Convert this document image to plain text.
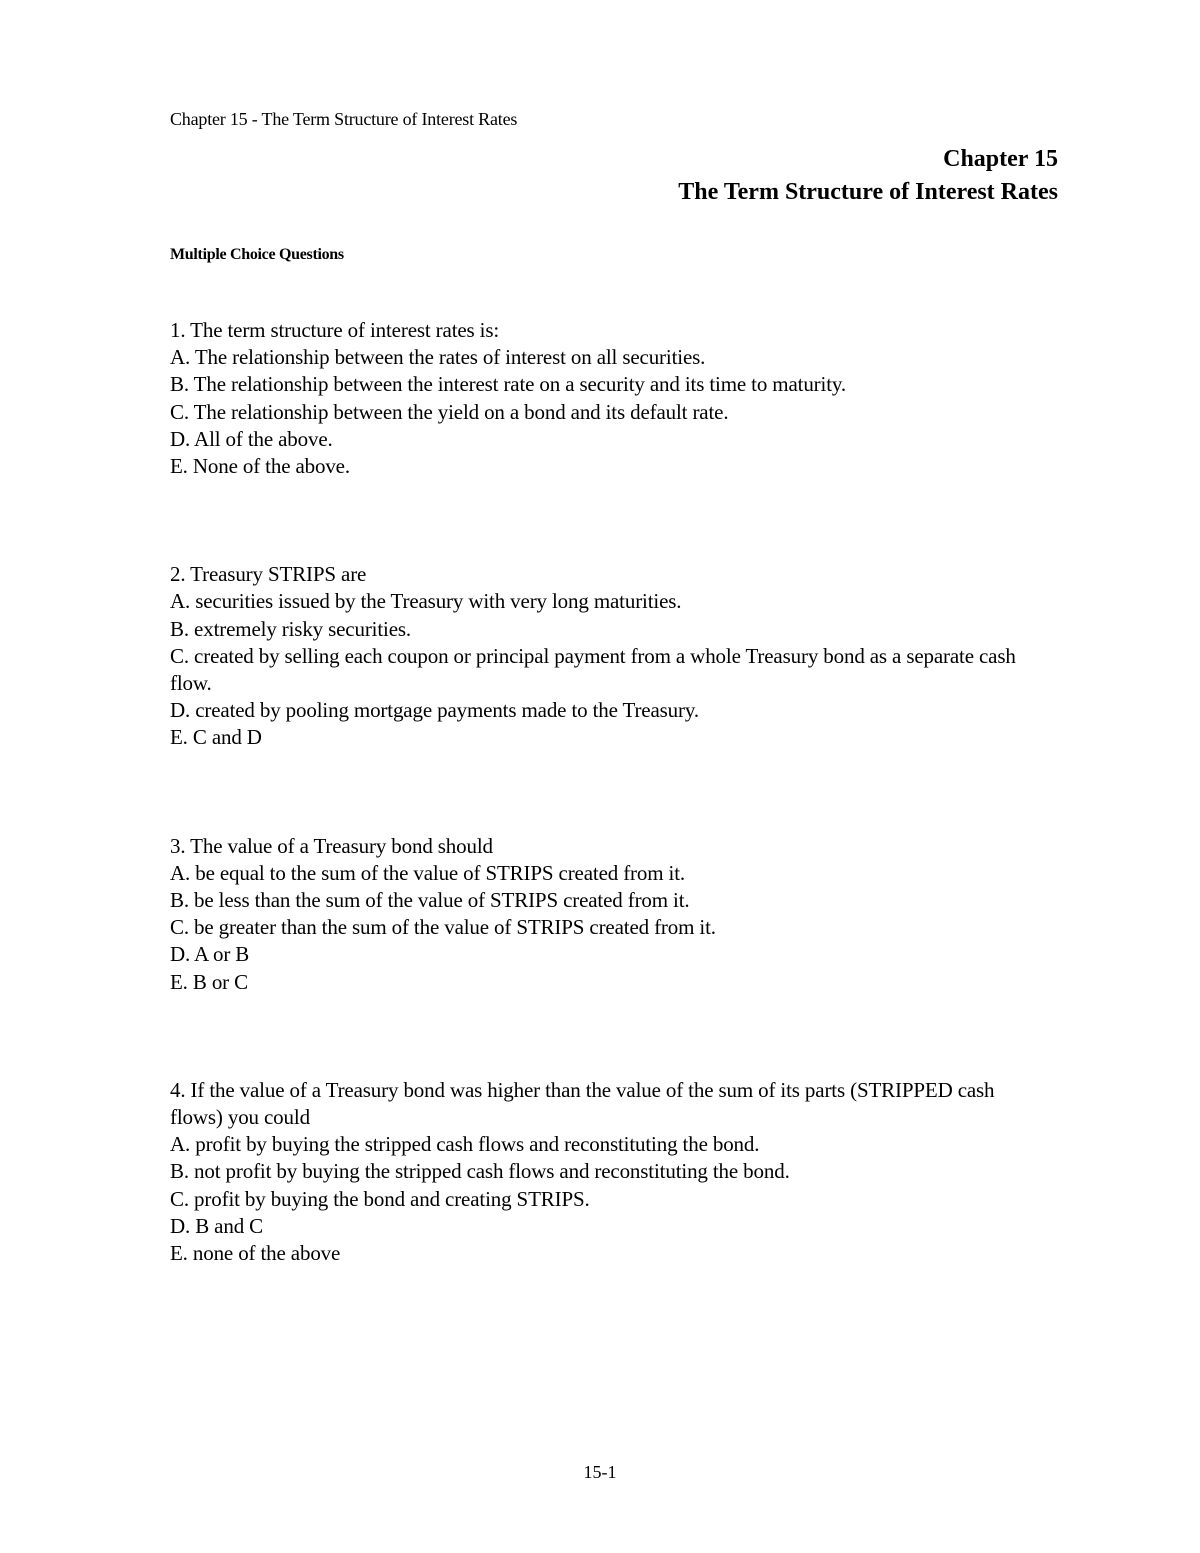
Chapter 15 - The Term Structure of Interest Rates
Chapter 15
The Term Structure of Interest Rates
Multiple Choice Questions
1. The term structure of interest rates is:
A. The relationship between the rates of interest on all securities.
B. The relationship between the interest rate on a security and its time to maturity.
C. The relationship between the yield on a bond and its default rate.
D. All of the above.
E. None of the above.
2. Treasury STRIPS are
A. securities issued by the Treasury with very long maturities.
B. extremely risky securities.
C. created by selling each coupon or principal payment from a whole Treasury bond as a separate cash flow.
D. created by pooling mortgage payments made to the Treasury.
E. C and D
3. The value of a Treasury bond should
A. be equal to the sum of the value of STRIPS created from it.
B. be less than the sum of the value of STRIPS created from it.
C. be greater than the sum of the value of STRIPS created from it.
D. A or B
E. B or C
4. If the value of a Treasury bond was higher than the value of the sum of its parts (STRIPPED cash flows) you could
A. profit by buying the stripped cash flows and reconstituting the bond.
B. not profit by buying the stripped cash flows and reconstituting the bond.
C. profit by buying the bond and creating STRIPS.
D. B and C
E. none of the above
15-1
